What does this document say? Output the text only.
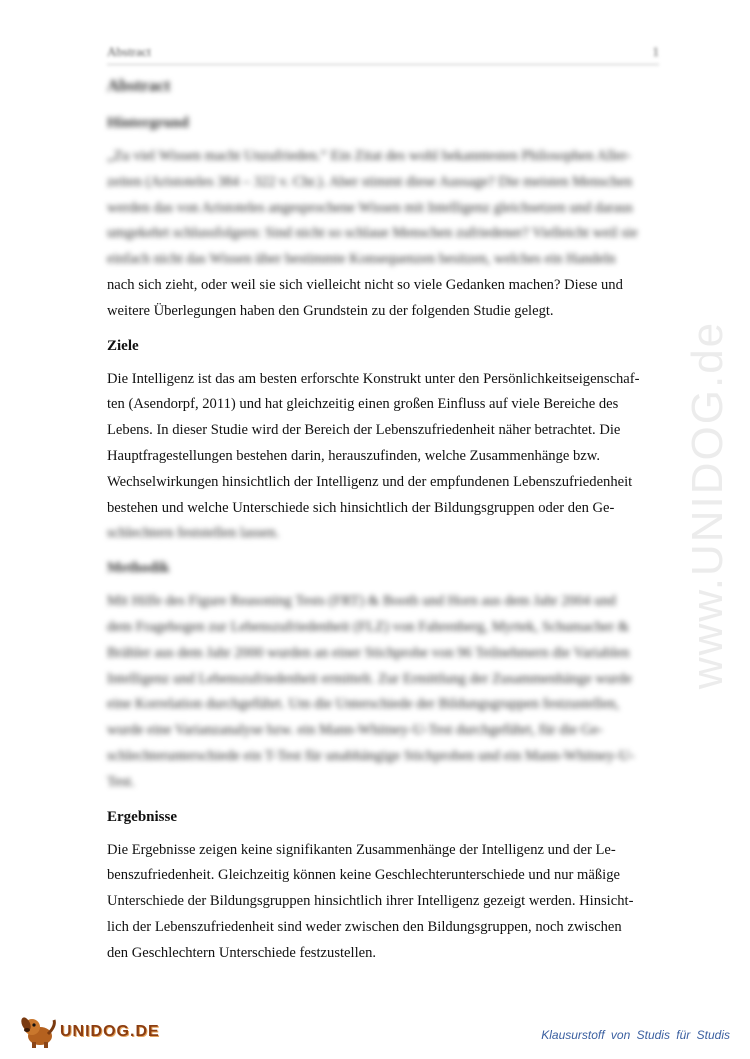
Abstract	1
Abstract
Hintergrund

„Zu viel Wissen macht Unzufrieden.“ Ein Zitat des wohl bekanntesten Philosophen Aller-
zeiten (Aristoteles 384 – 322 v. Chr.). Aber stimmt diese Aussage? Die meisten Menschen
werden das von Aristoteles angesprochene Wissen mit Intelligenz gleichsetzen und daraus
umgekehrt schlussfolgern: Sind nicht so schlaue Menschen zufriedener? Vielleicht weil sie
einfach nicht das Wissen über bestimmte Konsequenzen besitzen, welches ein Handeln
nach sich zieht, oder weil sie sich vielleicht nicht so viele Gedanken machen? Diese und
weitere Überlegungen haben den Grundstein zu der folgenden Studie gelegt.

Ziele

Die Intelligenz ist das am besten erforschte Konstrukt unter den Persönlichkeitseigenschaf-
ten (Asendorpf, 2011) und hat gleichzeitig einen großen Einfluss auf viele Bereiche des
Lebens. In dieser Studie wird der Bereich der Lebenszufriedenheit näher betrachtet. Die
Hauptfragestellungen bestehen darin, herauszufinden, welche Zusammenhänge bzw.
Wechselwirkungen hinsichtlich der Intelligenz und der empfundenen Lebenszufriedenheit
bestehen und welche Unterschiede sich hinsichtlich der Bildungsgruppen oder den Ge-
schlechtern feststellen lassen.

Methodik

Mit Hilfe des Figure Reasoning Tests (FRT) & Booth und Horn aus dem Jahr 2004 und
dem Fragebogen zur Lebenszufriedenheit (FLZ) von Fahrenberg, Myrtek, Schumacher &
Brähler aus dem Jahr 2000 wurden an einer Stichprobe von 96 Teilnehmern die Variablen
Intelligenz und Lebenszufriedenheit ermittelt. Zur Ermittlung der Zusammenhänge wurde
eine Korrelation durchgeführt. Um die Unterschiede der Bildungsgruppen festzustellen,
wurde eine Varianzanalyse bzw. ein Mann-Whitney-U-Test durchgeführt, für die Ge-
schlechterunterschiede ein T-Test für unabhängige Stichproben und ein Mann-Whitney-U-
Test.

Ergebnisse

Die Ergebnisse zeigen keine signifikanten Zusammenhänge der Intelligenz und der Le-
benszufriedenheit. Gleichzeitig können keine Geschlechterunterschiede und nur mäßige
Unterschiede der Bildungsgruppen hinsichtlich ihrer Intelligenz gezeigt werden. Hinsicht-
lich der Lebenszufriedenheit sind weder zwischen den Bildungsgruppen, noch zwischen
den Geschlechtern Unterschiede festzustellen.

www.UNIDOG.de
UNIDOG.DE	Klausurstoff von Studis für Studis
